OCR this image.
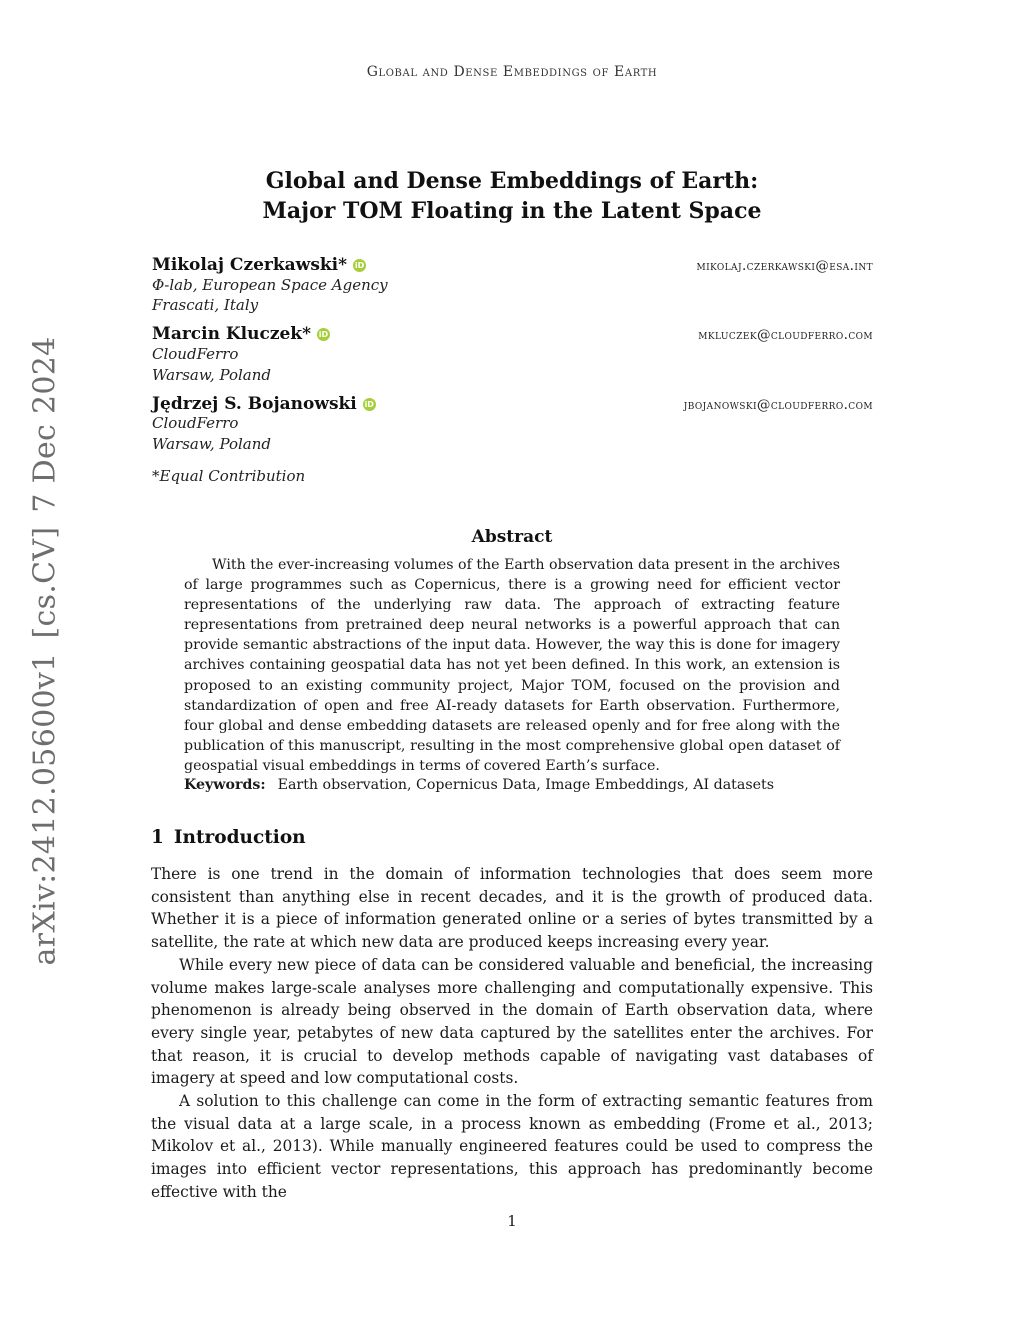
Global and Dense Embeddings of Earth
Global and Dense Embeddings of Earth:
Major TOM Floating in the Latent Space
Mikolaj Czerkawski* iD	mikolaj.czerkawski@esa.int
Φ-lab, European Space Agency
Frascati, Italy
Marcin Kluczek* iD	mkluczek@cloudferro.com
CloudFerro
Warsaw, Poland
Jędrzej S. Bojanowski iD	jbojanowski@cloudferro.com
CloudFerro
Warsaw, Poland
*Equal Contribution
Abstract

With the ever-increasing volumes of the Earth observation data present in the archives of large programmes such as Copernicus, there is a growing need for efficient vector representations of the underlying raw data. The approach of extracting feature representations from pretrained deep neural networks is a powerful approach that can provide semantic abstractions of the input data. However, the way this is done for imagery archives containing geospatial data has not yet been defined. In this work, an extension is proposed to an existing community project, Major TOM, focused on the provision and standardization of open and free AI-ready datasets for Earth observation. Furthermore, four global and dense embedding datasets are released openly and for free along with the publication of this manuscript, resulting in the most comprehensive global open dataset of geospatial visual embeddings in terms of covered Earth’s surface.

Keywords: Earth observation, Copernicus Data, Image Embeddings, AI datasets
1 Introduction

There is one trend in the domain of information technologies that does seem more consistent than anything else in recent decades, and it is the growth of produced data. Whether it is a piece of information generated online or a series of bytes transmitted by a satellite, the rate at which new data are produced keeps increasing every year.

While every new piece of data can be considered valuable and beneficial, the increasing volume makes large-scale analyses more challenging and computationally expensive. This phenomenon is already being observed in the domain of Earth observation data, where every single year, petabytes of new data captured by the satellites enter the archives. For that reason, it is crucial to develop methods capable of navigating vast databases of imagery at speed and low computational costs.

A solution to this challenge can come in the form of extracting semantic features from the visual data at a large scale, in a process known as embedding (Frome et al., 2013; Mikolov et al., 2013). While manually engineered features could be used to compress the images into efficient vector representations, this approach has predominantly become effective with the

1
arXiv:2412.05600v1[cs.CV]7 Dec 2024
